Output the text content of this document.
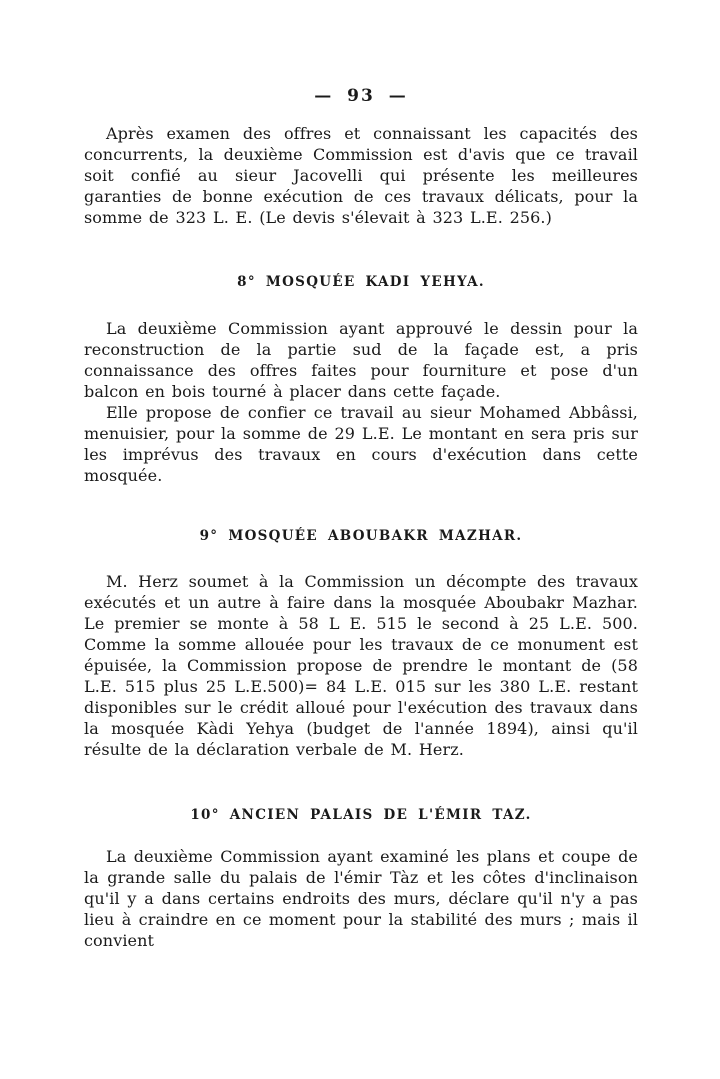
— 93 —

Après examen des offres et connaissant les capacités des concurrents, la deuxième Commission est d'avis que ce travail soit confié au sieur Jacovelli qui présente les meilleures garanties de bonne exécution de ces travaux délicats, pour la somme de 323 L. E. (Le devis s'élevait à 323 L.E. 256.)

8° MOSQUÉE KADI YEHYA.

La deuxième Commission ayant approuvé le dessin pour la reconstruction de la partie sud de la façade est, a pris connaissance des offres faites pour fourniture et pose d'un balcon en bois tourné à placer dans cette façade.

Elle propose de confier ce travail au sieur Mohamed Abbâssi, menuisier, pour la somme de 29 L.E. Le montant en sera pris sur les imprévus des travaux en cours d'exécution dans cette mosquée.

9° MOSQUÉE ABOUBAKR MAZHAR.

M. Herz soumet à la Commission un décompte des travaux exécutés et un autre à faire dans la mosquée Aboubakr Mazhar. Le premier se monte à 58 L E. 515 le second à 25 L.E. 500. Comme la somme allouée pour les travaux de ce monument est épuisée, la Commission propose de prendre le montant de (58 L.E. 515 plus 25 L.E.500)= 84 L.E. 015 sur les 380 L.E. restant disponibles sur le crédit alloué pour l'exécution des travaux dans la mosquée Kàdi Yehya (budget de l'année 1894), ainsi qu'il résulte de la déclaration verbale de M. Herz.

10° ANCIEN PALAIS DE L'ÉMIR TAZ.

La deuxième Commission ayant examiné les plans et coupe de la grande salle du palais de l'émir Tàz et les côtes d'inclinaison qu'il y a dans certains endroits des murs, déclare qu'il n'y a pas lieu à craindre en ce moment pour la stabilité des murs ; mais il convient
